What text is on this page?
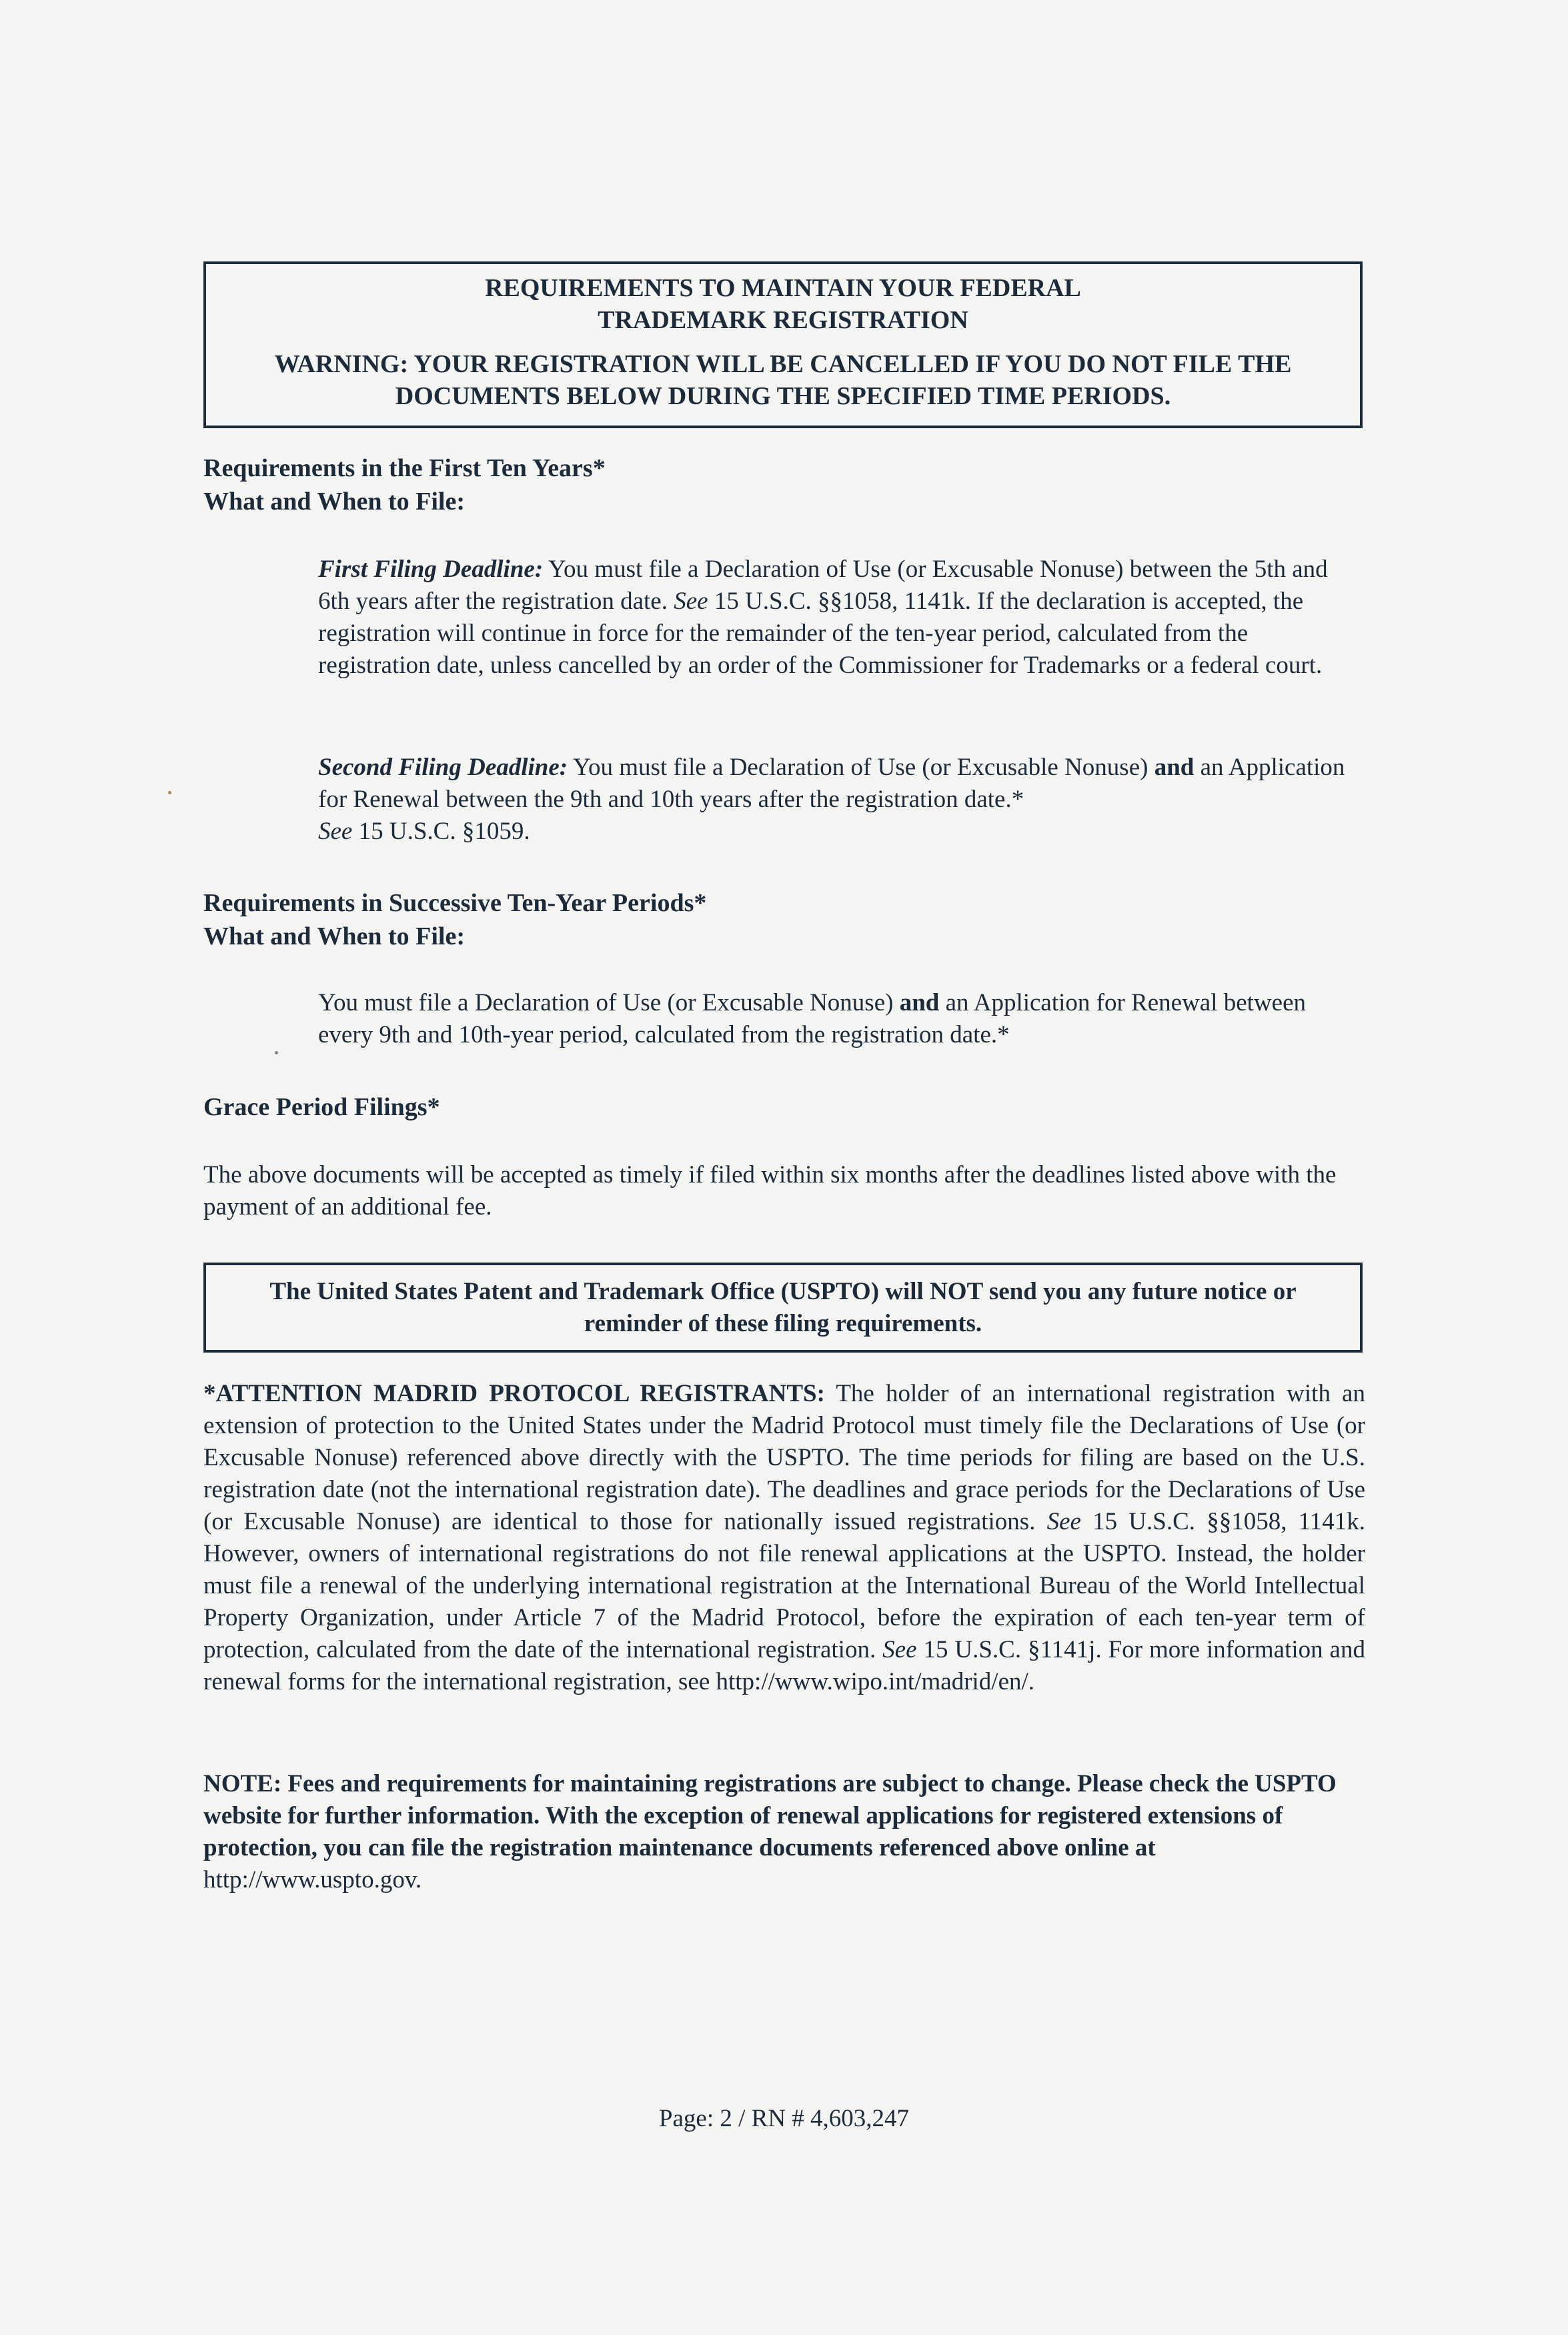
REQUIREMENTS TO MAINTAIN YOUR FEDERAL
TRADEMARK REGISTRATION

WARNING: YOUR REGISTRATION WILL BE CANCELLED IF YOU DO NOT FILE THE
DOCUMENTS BELOW DURING THE SPECIFIED TIME PERIODS.

Requirements in the First Ten Years*

What and When to File:

First Filing Deadline: You must file a Declaration of Use (or Excusable Nonuse) between the 5th and 6th years after the registration date. See 15 U.S.C. §§1058, 1141k. If the declaration is accepted, the registration will continue in force for the remainder of the ten-year period, calculated from the registration date, unless cancelled by an order of the Commissioner for Trademarks or a federal court.

Second Filing Deadline: You must file a Declaration of Use (or Excusable Nonuse) and an Application for Renewal between the 9th and 10th years after the registration date.*
See 15 U.S.C. §1059.

Requirements in Successive Ten-Year Periods*

What and When to File:

You must file a Declaration of Use (or Excusable Nonuse) and an Application for Renewal between every 9th and 10th-year period, calculated from the registration date.*

Grace Period Filings*

The above documents will be accepted as timely if filed within six months after the deadlines listed above with the payment of an additional fee.

The United States Patent and Trademark Office (USPTO) will NOT send you any future notice or
reminder of these filing requirements.

*ATTENTION MADRID PROTOCOL REGISTRANTS: The holder of an international registration with an extension of protection to the United States under the Madrid Protocol must timely file the Declarations of Use (or Excusable Nonuse) referenced above directly with the USPTO. The time periods for filing are based on the U.S. registration date (not the international registration date). The deadlines and grace periods for the Declarations of Use (or Excusable Nonuse) are identical to those for nationally issued registrations. See 15 U.S.C. §§1058, 1141k. However, owners of international registrations do not file renewal applications at the USPTO. Instead, the holder must file a renewal of the underlying international registration at the International Bureau of the World Intellectual Property Organization, under Article 7 of the Madrid Protocol, before the expiration of each ten-year term of protection, calculated from the date of the international registration. See 15 U.S.C. §1141j. For more information and renewal forms for the international registration, see http://www.wipo.int/madrid/en/.

NOTE: Fees and requirements for maintaining registrations are subject to change. Please check the USPTO website for further information. With the exception of renewal applications for registered extensions of protection, you can file the registration maintenance documents referenced above online at http://www.uspto.gov.

Page: 2 / RN # 4,603,247
